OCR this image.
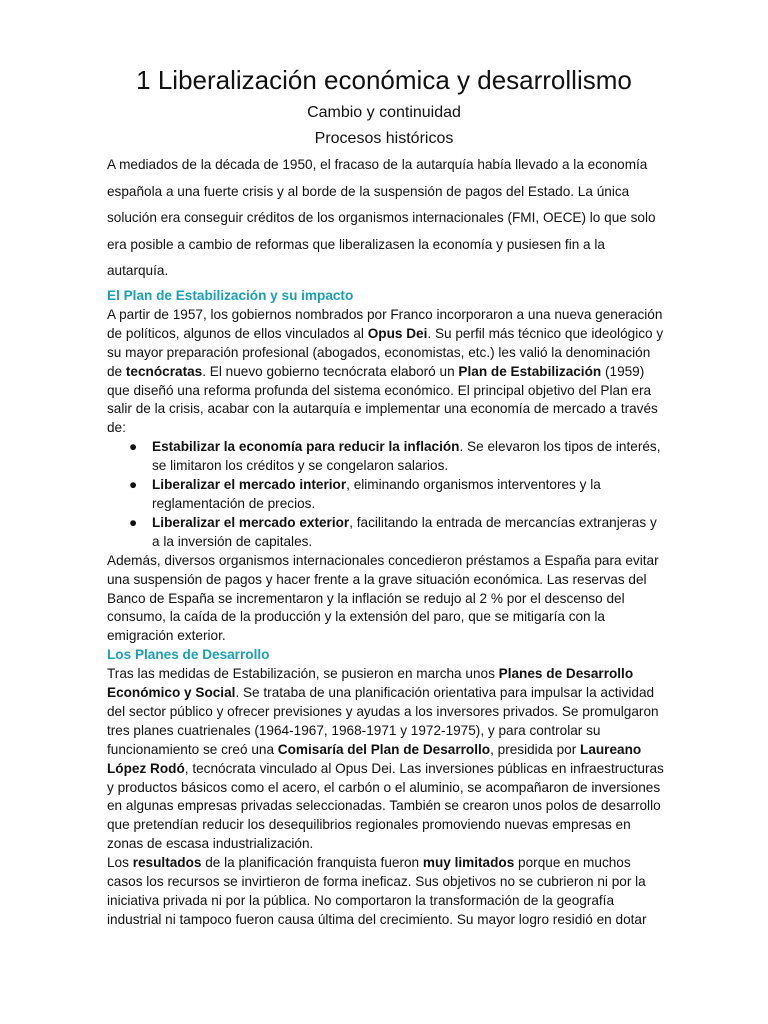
1 Liberalización económica y desarrollismo
Cambio y continuidad
Procesos históricos

A mediados de la década de 1950, el fracaso de la autarquía había llevado a la economía española a una fuerte crisis y al borde de la suspensión de pagos del Estado. La única solución era conseguir créditos de los organismos internacionales (FMI, OECE) lo que solo era posible a cambio de reformas que liberalizasen la economía y pusiesen fin a la autarquía.

El Plan de Estabilización y su impacto

A partir de 1957, los gobiernos nombrados por Franco incorporaron a una nueva generación de políticos, algunos de ellos vinculados al Opus Dei. Su perfil más técnico que ideológico y su mayor preparación profesional (abogados, economistas, etc.) les valió la denominación de tecnócratas. El nuevo gobierno tecnócrata elaboró un Plan de Estabilización (1959) que diseñó una reforma profunda del sistema económico. El principal objetivo del Plan era salir de la crisis, acabar con la autarquía e implementar una economía de mercado a través de:

● Estabilizar la economía para reducir la inflación. Se elevaron los tipos de interés, se limitaron los créditos y se congelaron salarios.
● Liberalizar el mercado interior, eliminando organismos interventores y la reglamentación de precios.
● Liberalizar el mercado exterior, facilitando la entrada de mercancías extranjeras y a la inversión de capitales.

Además, diversos organismos internacionales concedieron préstamos a España para evitar una suspensión de pagos y hacer frente a la grave situación económica. Las reservas del Banco de España se incrementaron y la inflación se redujo al 2 % por el descenso del consumo, la caída de la producción y la extensión del paro, que se mitigaría con la emigración exterior.

Los Planes de Desarrollo

Tras las medidas de Estabilización, se pusieron en marcha unos Planes de Desarrollo Económico y Social. Se trataba de una planificación orientativa para impulsar la actividad del sector público y ofrecer previsiones y ayudas a los inversores privados. Se promulgaron tres planes cuatrienales (1964-1967, 1968-1971 y 1972-1975), y para controlar su funcionamiento se creó una Comisaría del Plan de Desarrollo, presidida por Laureano López Rodó, tecnócrata vinculado al Opus Dei. Las inversiones públicas en infraestructuras y productos básicos como el acero, el carbón o el aluminio, se acompañaron de inversiones en algunas empresas privadas seleccionadas. También se crearon unos polos de desarrollo que pretendían reducir los desequilibrios regionales promoviendo nuevas empresas en zonas de escasa industrialización.

Los resultados de la planificación franquista fueron muy limitados porque en muchos casos los recursos se invirtieron de forma ineficaz. Sus objetivos no se cubrieron ni por la iniciativa privada ni por la pública. No comportaron la transformación de la geografía industrial ni tampoco fueron causa última del crecimiento. Su mayor logro residió en dotar
